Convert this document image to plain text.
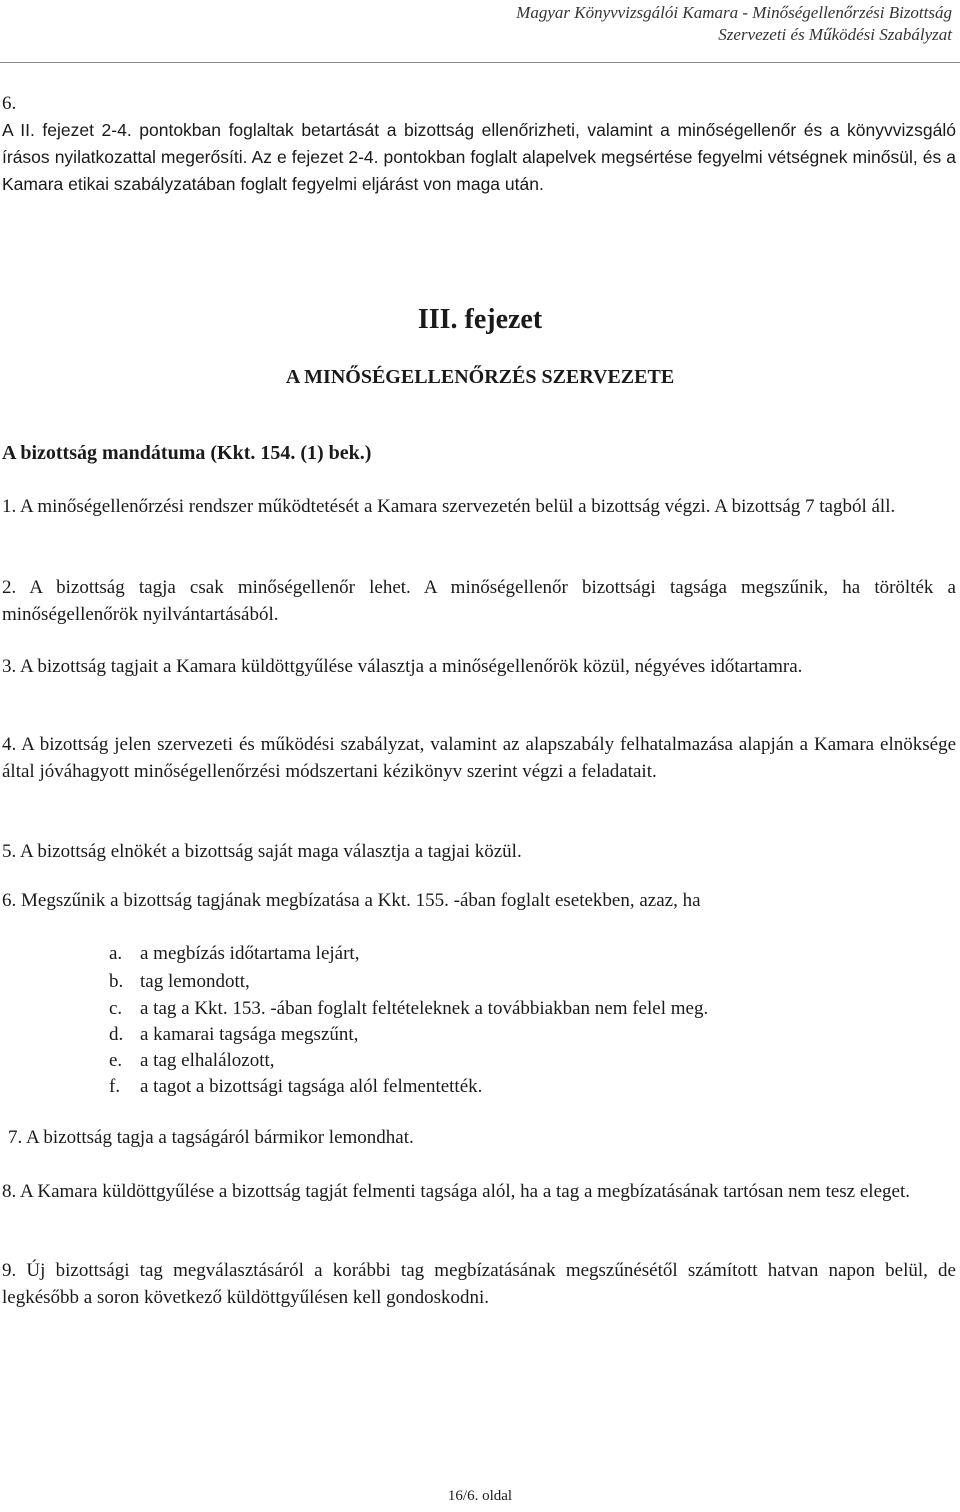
Magyar Könyvvizsgálói Kamara - Minőségellenőrzési Bizottság
Szervezeti és Működési Szabályzat
6.
A II. fejezet 2-4. pontokban foglaltak betartását a bizottság ellenőrizheti, valamint a minőségellenőr és a könyvvizsgáló írásos nyilatkozattal megerősíti. Az e fejezet 2-4. pontokban foglalt alapelvek megsértése fegyelmi vétségnek minősül, és a Kamara etikai szabályzatában foglalt fegyelmi eljárást von maga után.
III. fejezet
A MINŐSÉGELLENŐRZÉS SZERVEZETE
A bizottság mandátuma (Kkt. 154. (1) bek.)
1. A minőségellenőrzési rendszer működtetését a Kamara szervezetén belül a bizottság végzi. A bizottság 7 tagból áll.
2. A bizottság tagja csak minőségellenőr lehet. A minőségellenőr bizottsági tagsága megszűnik, ha törölték a minőségellenőrök nyilvántartásából.
3. A bizottság tagjait a Kamara küldöttgyűlése választja a minőségellenőrök közül, négyéves időtartamra.
4. A bizottság jelen szervezeti és működési szabályzat, valamint az alapszabály felhatalmazása alapján a Kamara elnöksége által jóváhagyott minőségellenőrzési módszertani kézikönyv szerint végzi a feladatait.
5. A bizottság elnökét a bizottság saját maga választja a tagjai közül.
6. Megszűnik a bizottság tagjának megbízatása a Kkt. 155. -ában foglalt esetekben, azaz, ha
a. a megbízás időtartama lejárt,
b. tag lemondott,
c. a tag a Kkt. 153. -ában foglalt feltételeknek a továbbiakban nem felel meg.
d. a kamarai tagsága megszűnt,
e. a tag elhalálozott,
f. a tagot a bizottsági tagsága alól felmentették.
7. A bizottság tagja a tagságáról bármikor lemondhat.
8. A Kamara küldöttgyűlése a bizottság tagját felmenti tagsága alól, ha a tag a megbízatásának tartósan nem tesz eleget.
9. Új bizottsági tag megválasztásáról a korábbi tag megbízatásának megszűnésétől számított hatvan napon belül, de legkésőbb a soron következő küldöttgyűlésen kell gondoskodni.
16/6. oldal
